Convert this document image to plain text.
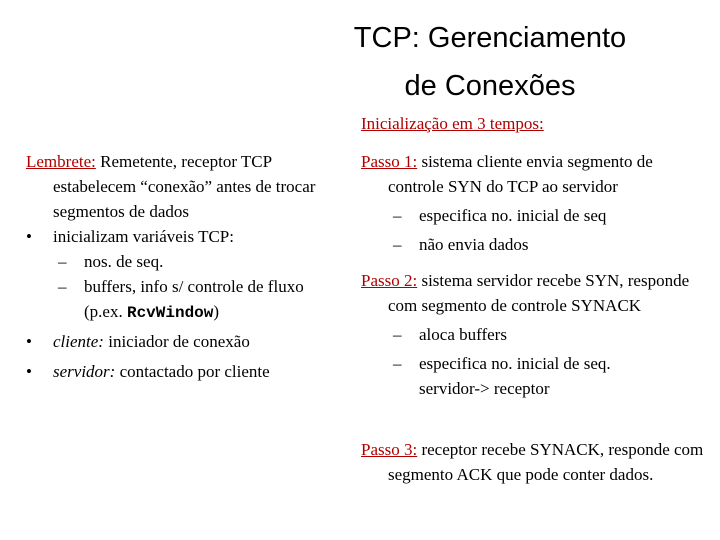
TCP: Gerenciamento
de Conexões
Inicialização em 3 tempos:
Lembrete: Remetente, receptor TCP estabelecem “conexão” antes de trocar segmentos de dados
•	inicializam variáveis TCP:
–	nos. de seq.
–	buffers, info s/ controle de fluxo
(p.ex. RcvWindow)
•	cliente: iniciador de conexão
•	servidor: contactado por cliente
Passo 1: sistema cliente envia segmento de controle SYN do TCP ao servidor
–	especifica no. inicial de seq
–	não envia dados
Passo 2: sistema servidor recebe SYN, responde com segmento de controle SYNACK
–	aloca buffers
–	especifica no. inicial de seq. servidor-> receptor
Passo 3: receptor recebe SYNACK, responde com segmento ACK que pode conter dados.
